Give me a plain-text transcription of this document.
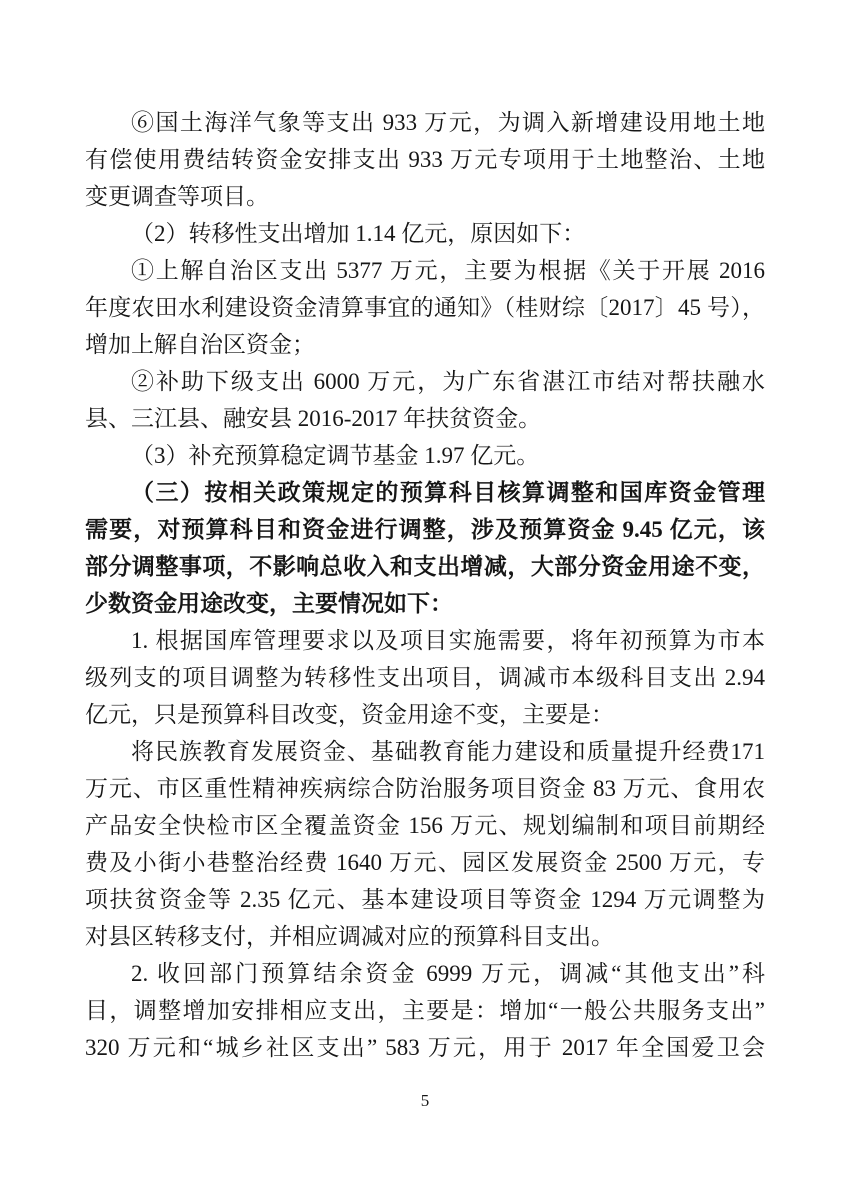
⑥国土海洋气象等支出 933 万元，为调入新增建设用地土地
有偿使用费结转资金安排支出 933 万元专项用于土地整治、土地
变更调查等项目。

（2）转移性支出增加 1.14 亿元，原因如下：

①上解自治区支出 5377 万元，主要为根据《关于开展 2016
年度农田水利建设资金清算事宜的通知》（桂财综〔2017〕45 号），
增加上解自治区资金；

②补助下级支出 6000 万元，为广东省湛江市结对帮扶融水
县、三江县、融安县 2016-2017 年扶贫资金。

（3）补充预算稳定调节基金 1.97 亿元。

（三）按相关政策规定的预算科目核算调整和国库资金管理
需要，对预算科目和资金进行调整，涉及预算资金 9.45 亿元，该
部分调整事项，不影响总收入和支出增减，大部分资金用途不变，
少数资金用途改变，主要情况如下：

1. 根据国库管理要求以及项目实施需要，将年初预算为市本
级列支的项目调整为转移性支出项目，调减市本级科目支出 2.94
亿元，只是预算科目改变，资金用途不变，主要是：

将民族教育发展资金、基础教育能力建设和质量提升经费171
万元、市区重性精神疾病综合防治服务项目资金 83 万元、食用农
产品安全快检市区全覆盖资金 156 万元、规划编制和项目前期经
费及小街小巷整治经费 1640 万元、园区发展资金 2500 万元，专
项扶贫资金等 2.35 亿元、基本建设项目等资金 1294 万元调整为
对县区转移支付，并相应调减对应的预算科目支出。

2. 收回部门预算结余资金 6999 万元，调减“其他支出”科
目，调整增加安排相应支出，主要是：增加“一般公共服务支出”
320 万元和“城乡社区支出” 583 万元，用于 2017 年全国爱卫会

5
